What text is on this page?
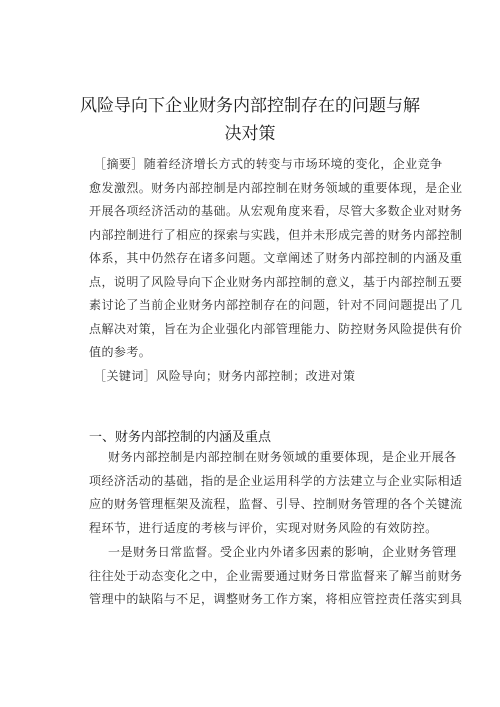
风险导向下企业财务内部控制存在的问题与解
决对策
［摘要］随着经济增长方式的转变与市场环境的变化，企业竞争
愈发激烈。财务内部控制是内部控制在财务领域的重要体现，是企业
开展各项经济活动的基础。从宏观角度来看，尽管大多数企业对财务
内部控制进行了相应的探索与实践，但并未形成完善的财务内部控制
体系，其中仍然存在诸多问题。文章阐述了财务内部控制的内涵及重
点，说明了风险导向下企业财务内部控制的意义，基于内部控制五要
素讨论了当前企业财务内部控制存在的问题，针对不同问题提出了几
点解决对策，旨在为企业强化内部管理能力、防控财务风险提供有价
值的参考。
［关键词］风险导向；财务内部控制；改进对策
一、财务内部控制的内涵及重点
财务内部控制是内部控制在财务领域的重要体现，是企业开展各
项经济活动的基础，指的是企业运用科学的方法建立与企业实际相适
应的财务管理框架及流程，监督、引导、控制财务管理的各个关键流
程环节，进行适度的考核与评价，实现对财务风险的有效防控。
一是财务日常监督。受企业内外诸多因素的影响，企业财务管理
往往处于动态变化之中，企业需要通过财务日常监督来了解当前财务
管理中的缺陷与不足，调整财务工作方案，将相应管控责任落实到具
